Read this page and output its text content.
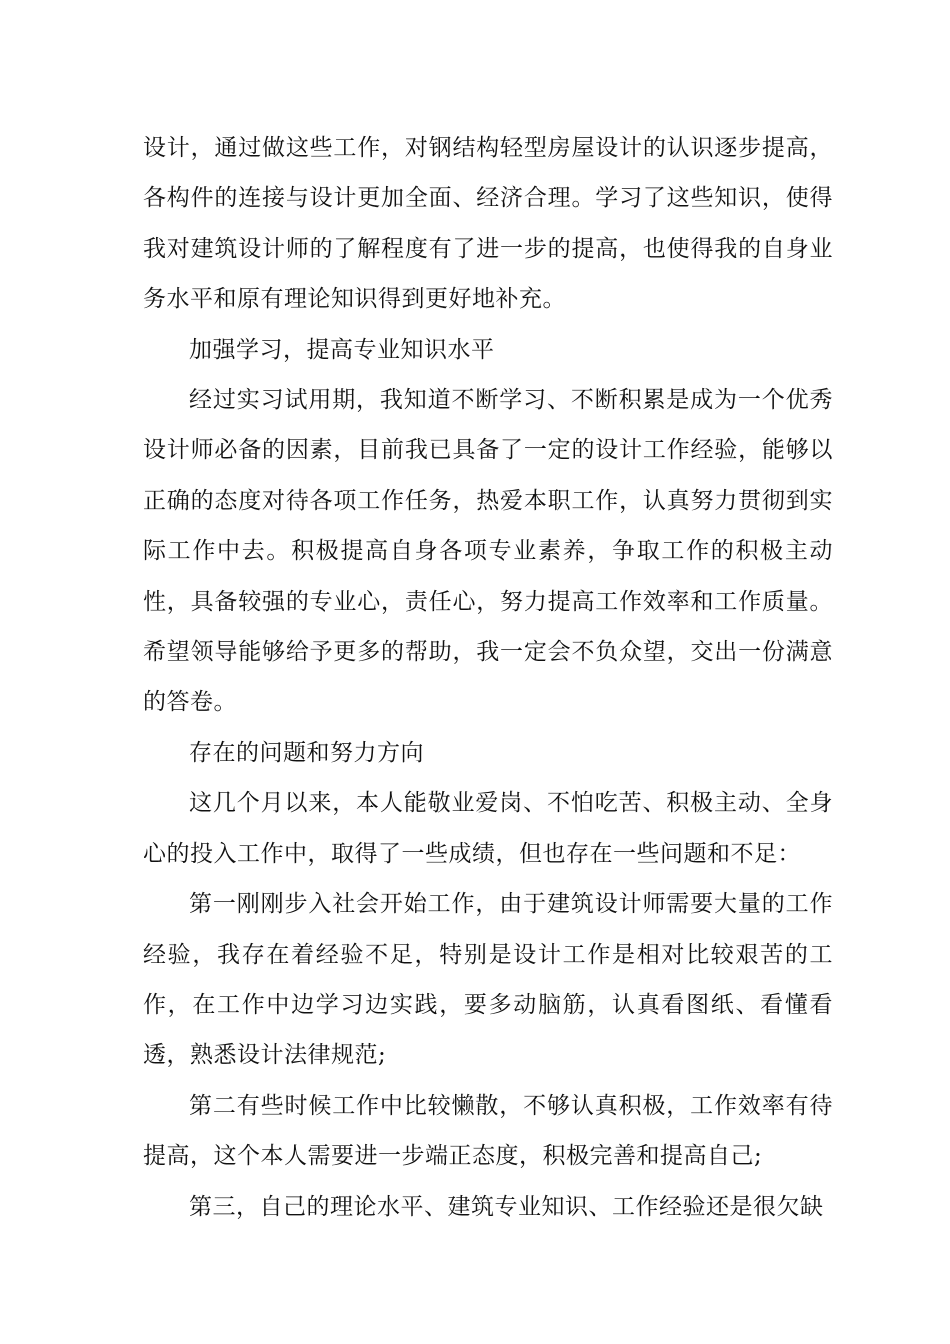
设计，通过做这些工作，对钢结构轻型房屋设计的认识逐步提高，各构件的连接与设计更加全面、经济合理。学习了这些知识，使得我对建筑设计师的了解程度有了进一步的提高，也使得我的自身业务水平和原有理论知识得到更好地补充。

加强学习，提高专业知识水平

经过实习试用期，我知道不断学习、不断积累是成为一个优秀设计师必备的因素，目前我已具备了一定的设计工作经验，能够以正确的态度对待各项工作任务，热爱本职工作，认真努力贯彻到实际工作中去。积极提高自身各项专业素养，争取工作的积极主动性，具备较强的专业心，责任心，努力提高工作效率和工作质量。希望领导能够给予更多的帮助，我一定会不负众望，交出一份满意的答卷。

存在的问题和努力方向

这几个月以来，本人能敬业爱岗、不怕吃苦、积极主动、全身心的投入工作中，取得了一些成绩，但也存在一些问题和不足：

第一刚刚步入社会开始工作，由于建筑设计师需要大量的工作经验，我存在着经验不足，特别是设计工作是相对比较艰苦的工作，在工作中边学习边实践，要多动脑筋，认真看图纸、看懂看透，熟悉设计法律规范;

第二有些时候工作中比较懒散，不够认真积极，工作效率有待提高，这个本人需要进一步端正态度，积极完善和提高自己;

第三，自己的理论水平、建筑专业知识、工作经验还是很欠缺
